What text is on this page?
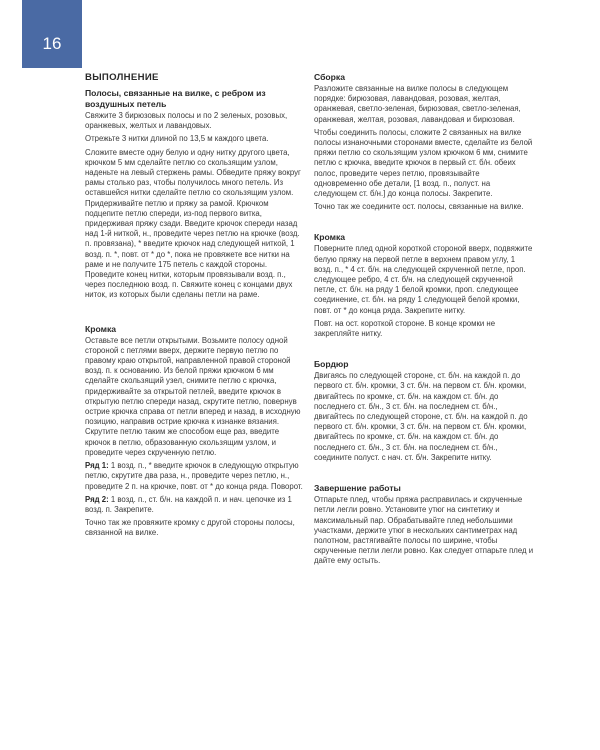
16
ВЫПОЛНЕНИЕ
Полосы, связанные на вилке, с ребром из воздушных петель

Свяжите 3 бирюзовых полосы и по 2 зеленых, розовых, оранжевых, желтых и лавандовых.

Отрежьте 3 нитки длиной по 13,5 м каждого цвета.

Сложите вместе одну белую и одну нитку другого цвета, крючком 5 мм сделайте петлю со скользящим узлом, наденьте на левый стержень рамы. Обведите пряжу вокруг рамы столько раз, чтобы получилось много петель. Из оставшейся нитки сделайте петлю со скользящим узлом. Придерживайте петлю и пряжу за рамой. Крючком подцепите петлю спереди, из-под первого витка, придерживая пряжу сзади. Введите крючок спереди назад над 1-й ниткой, н., проведите через петлю на крючке (возд. п. провязана), * введите крючок над следующей ниткой, 1 возд. п. *, повт. от * до *, пока не провяжете все нитки на раме и не получите 175 петель с каждой стороны. Проведите конец нитки, которым провязывали возд. п., через последнюю возд. п. Свяжите конец с концами двух ниток, из которых были сделаны петли на раме.

Кромка

Оставьте все петли открытыми. Возьмите полосу одной стороной с петлями вверх, держите первую петлю по правому краю открытой, направленной правой стороной возд. п. к основанию. Из белой пряжи крючком 6 мм сделайте скользящий узел, снимите петлю с крючка, придерживайте за открытой петлей, введите крючок в открытую петлю спереди назад, скрутите петлю, повернув острие крючка справа от петли вперед и назад, в исходную позицию, направив острие крючка к изнанке вязания. Скрутите петлю таким же способом еще раз, введите крючок в петлю, образованную скользящим узлом, и проведите через скрученную петлю.

Ряд 1: 1 возд. п., * введите крючок в следующую открытую петлю, скрутите два раза, н., проведите через петлю, н., проведите 2 п. на крючке, повт. от * до конца ряда. Поворот.

Ряд 2: 1 возд. п., ст. б/н. на каждой п. и нач. цепочке из 1 возд. п. Закрепите.

Точно так же провяжите кромку с другой стороны полосы, связанной на вилке.

Сборка

Разложите связанные на вилке полосы в следующем порядке: бирюзовая, лавандовая, розовая, желтая, оранжевая, светло-зеленая, бирюзовая, светло-зеленая, оранжевая, желтая, розовая, лавандовая и бирюзовая.

Чтобы соединить полосы, сложите 2 связанных на вилке полосы изнаночными сторонами вместе, сделайте из белой пряжи петлю со скользящим узлом крючком 6 мм, снимите петлю с крючка, введите крючок в первый ст. б/н. обеих полос, проведите через петлю, провязывайте одновременно обе детали, [1 возд. п., полуст. на следующем ст. б/н.] до конца полосы. Закрепите.

Точно так же соедините ост. полосы, связанные на вилке.

Кромка

Поверните плед одной короткой стороной вверх, подвяжите белую пряжу на первой петле в верхнем правом углу, 1 возд. п., * 4 ст. б/н. на следующей скрученной петле, проп. следующее ребро, 4 ст. б/н. на следующей скрученной петле, ст. б/н. на ряду 1 белой кромки, проп. следующее соединение, ст. б/н. на ряду 1 следующей белой кромки, повт. от * до конца ряда. Закрепите нитку.

Повт. на ост. короткой стороне. В конце кромки не закрепляйте нитку.

Бордюр

Двигаясь по следующей стороне, ст. б/н. на каждой п. до первого ст. б/н. кромки, 3 ст. б/н. на первом ст. б/н. кромки, двигайтесь по кромке, ст. б/н. на каждом ст. б/н. до последнего ст. б/н., 3 ст. б/н. на последнем ст. б/н., двигайтесь по следующей стороне, ст. б/н. на каждой п. до первого ст. б/н. кромки, 3 ст. б/н. на первом ст. б/н. кромки, двигайтесь по кромке, ст. б/н. на каждом ст. б/н. до последнего ст. б/н., 3 ст. б/н. на последнем ст. б/н., соедините полуст. с нач. ст. б/н. Закрепите нитку.

Завершение работы

Отпарьте плед, чтобы пряжа расправилась и скрученные петли легли ровно. Установите утюг на синтетику и максимальный пар. Обрабатывайте плед небольшими участками, держите утюг в нескольких сантиметрах над полотном, растягивайте полосы по ширине, чтобы скрученные петли легли ровно. Как следует отпарьте плед и дайте ему остыть.
